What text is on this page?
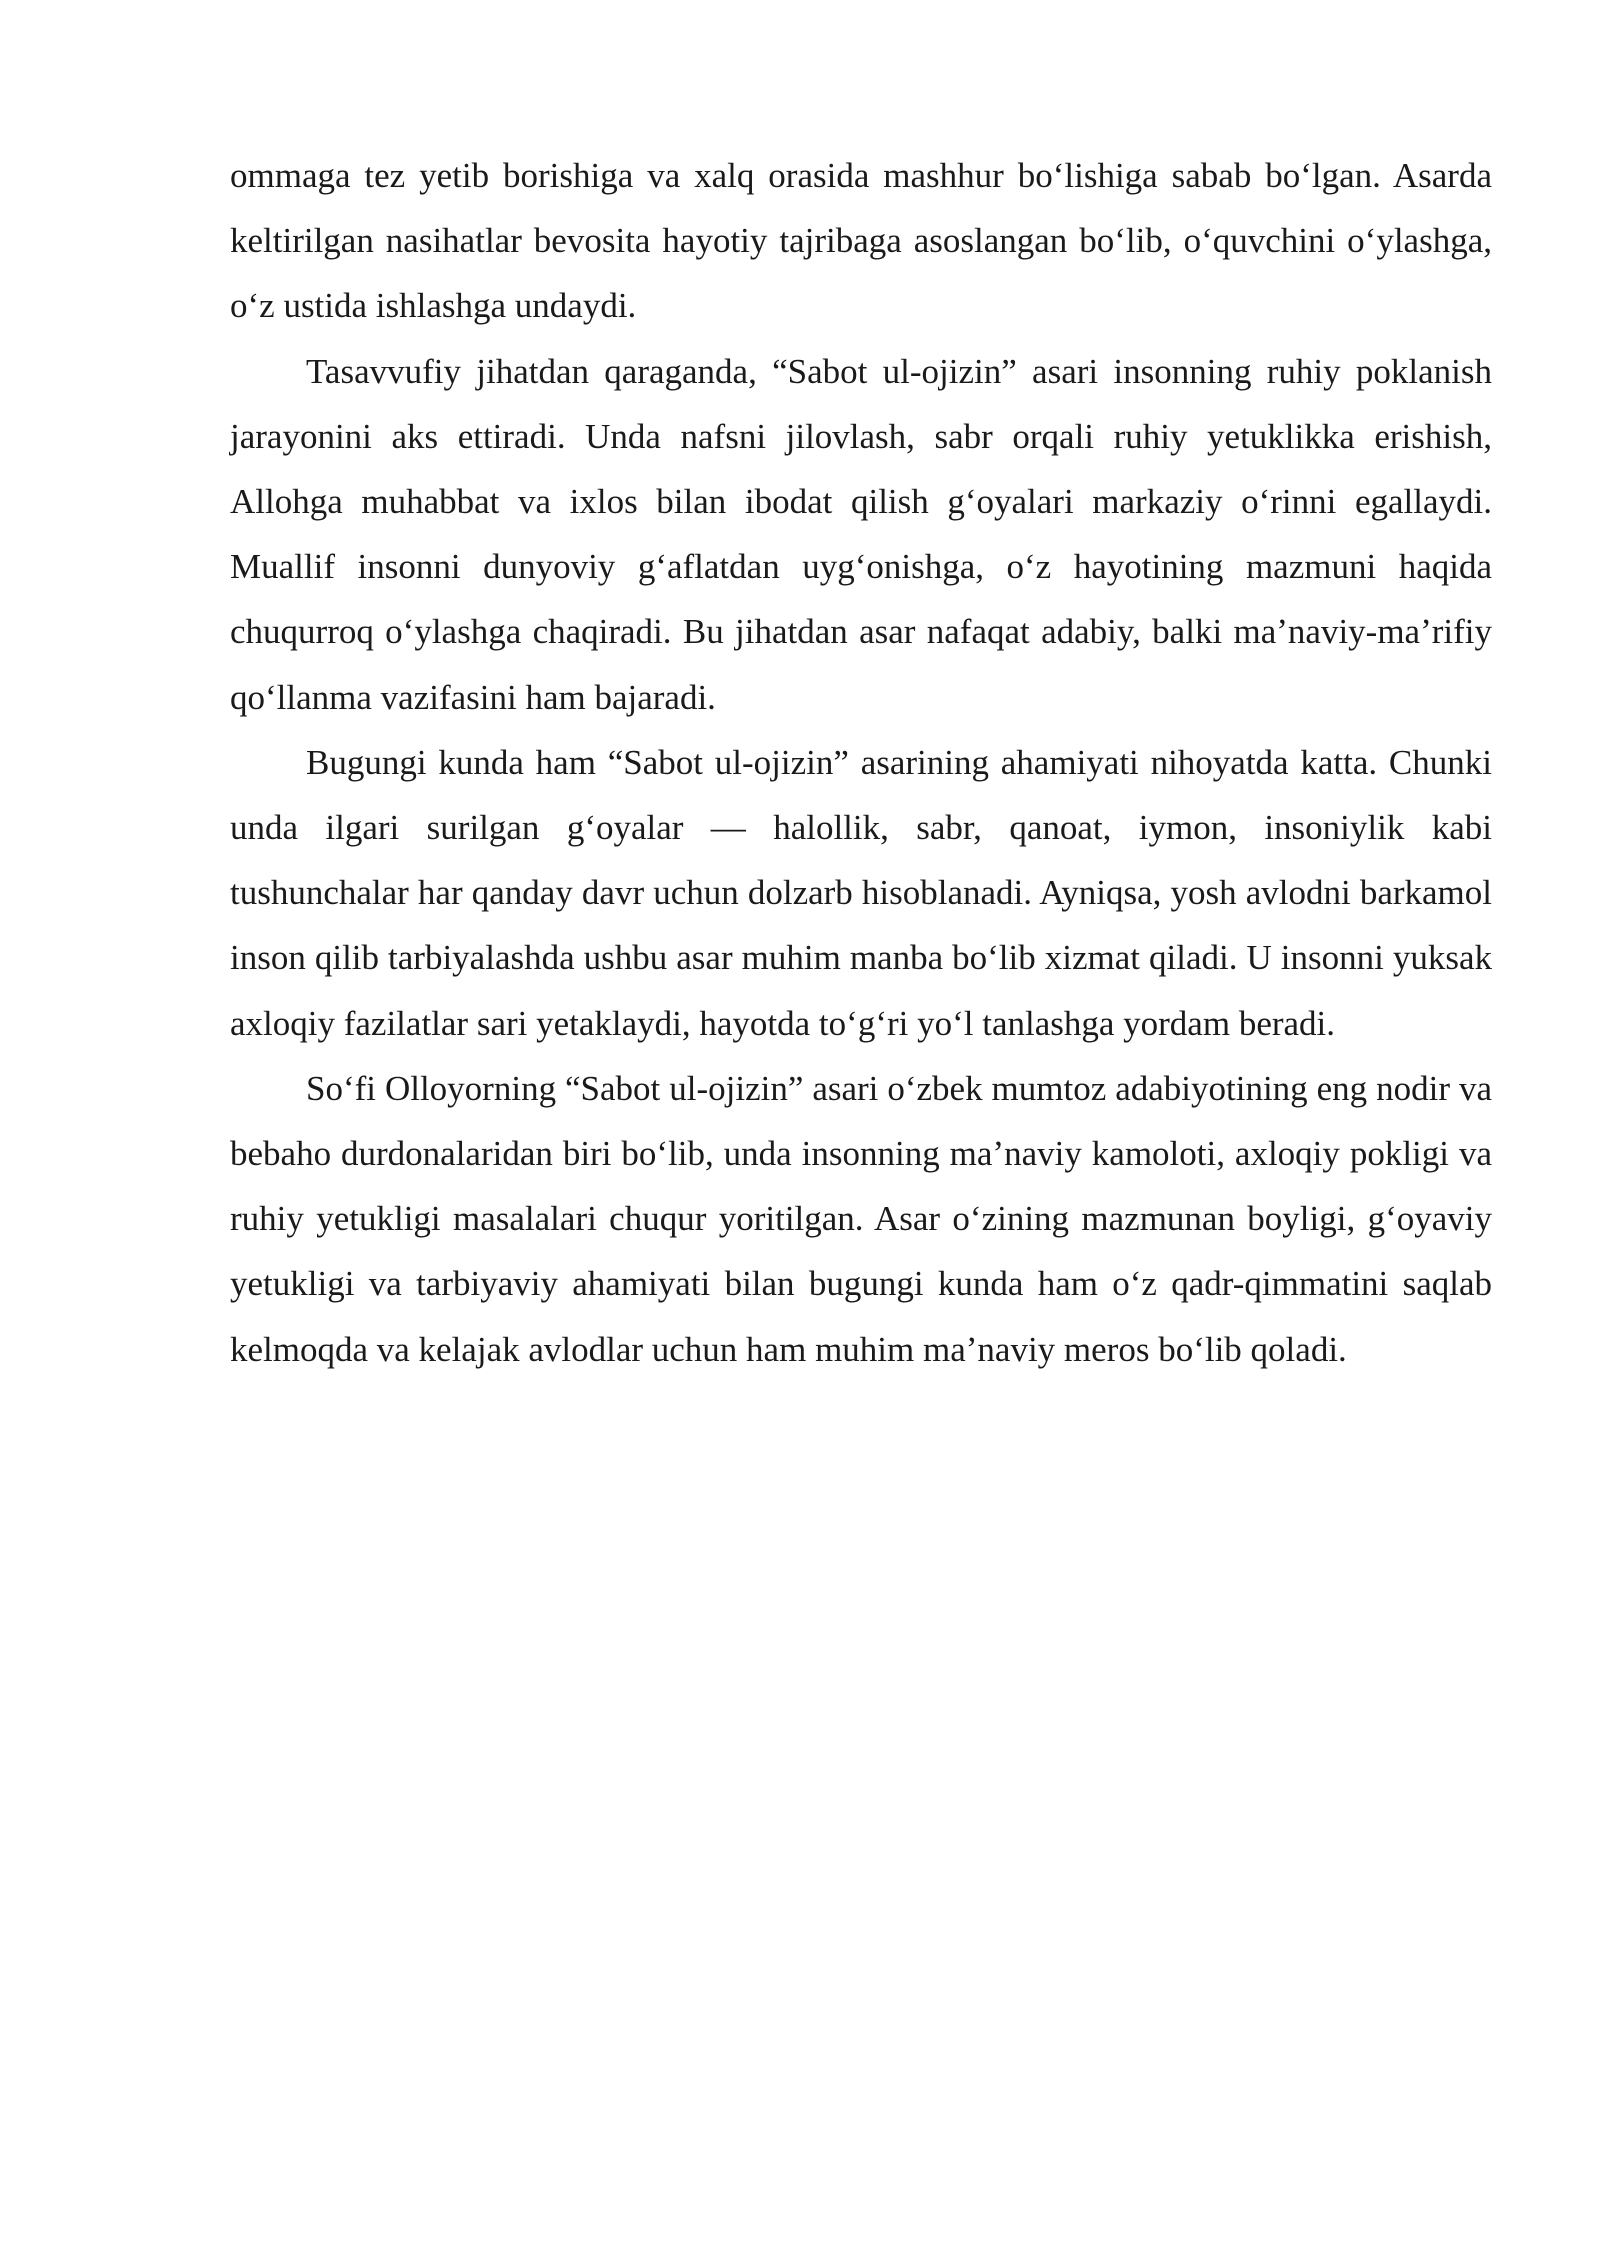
ommaga tez yetib borishiga va xalq orasida mashhur boʻlishiga sabab boʻlgan. Asarda keltirilgan nasihatlar bevosita hayotiy tajribaga asoslangan boʻlib, oʻquvchini oʻylashga, oʻz ustida ishlashga undaydi.

Tasavvufiy jihatdan qaraganda, “Sabot ul-ojizin” asari insonning ruhiy poklanish jarayonini aks ettiradi. Unda nafsni jilovlash, sabr orqali ruhiy yetuklikka erishish, Allohga muhabbat va ixlos bilan ibodat qilish gʻoyalari markaziy oʻrinni egallaydi. Muallif insonni dunyoviy gʻaflatdan uygʻonishga, oʻz hayotining mazmuni haqida chuqurroq oʻylashga chaqiradi. Bu jihatdan asar nafaqat adabiy, balki maʼnaviy-maʼrifiy qoʻllanma vazifasini ham bajaradi.

Bugungi kunda ham “Sabot ul-ojizin” asarining ahamiyati nihoyatda katta. Chunki unda ilgari surilgan gʻoyalar — halollik, sabr, qanoat, iymon, insoniylik kabi tushunchalar har qanday davr uchun dolzarb hisoblanadi. Ayniqsa, yosh avlodni barkamol inson qilib tarbiyalashda ushbu asar muhim manba boʻlib xizmat qiladi. U insonni yuksak axloqiy fazilatlar sari yetaklaydi, hayotda toʻgʻri yoʻl tanlashga yordam beradi.

Soʻfi Olloyorning “Sabot ul-ojizin” asari oʻzbek mumtoz adabiyotining eng nodir va bebaho durdonalaridan biri boʻlib, unda insonning maʼnaviy kamoloti, axloqiy pokligi va ruhiy yetukligi masalalari chuqur yoritilgan. Asar oʻzining mazmunan boyligi, gʻoyaviy yetukligi va tarbiyaviy ahamiyati bilan bugungi kunda ham oʻz qadr-qimmatini saqlab kelmoqda va kelajak avlodlar uchun ham muhim maʼnaviy meros boʻlib qoladi.
